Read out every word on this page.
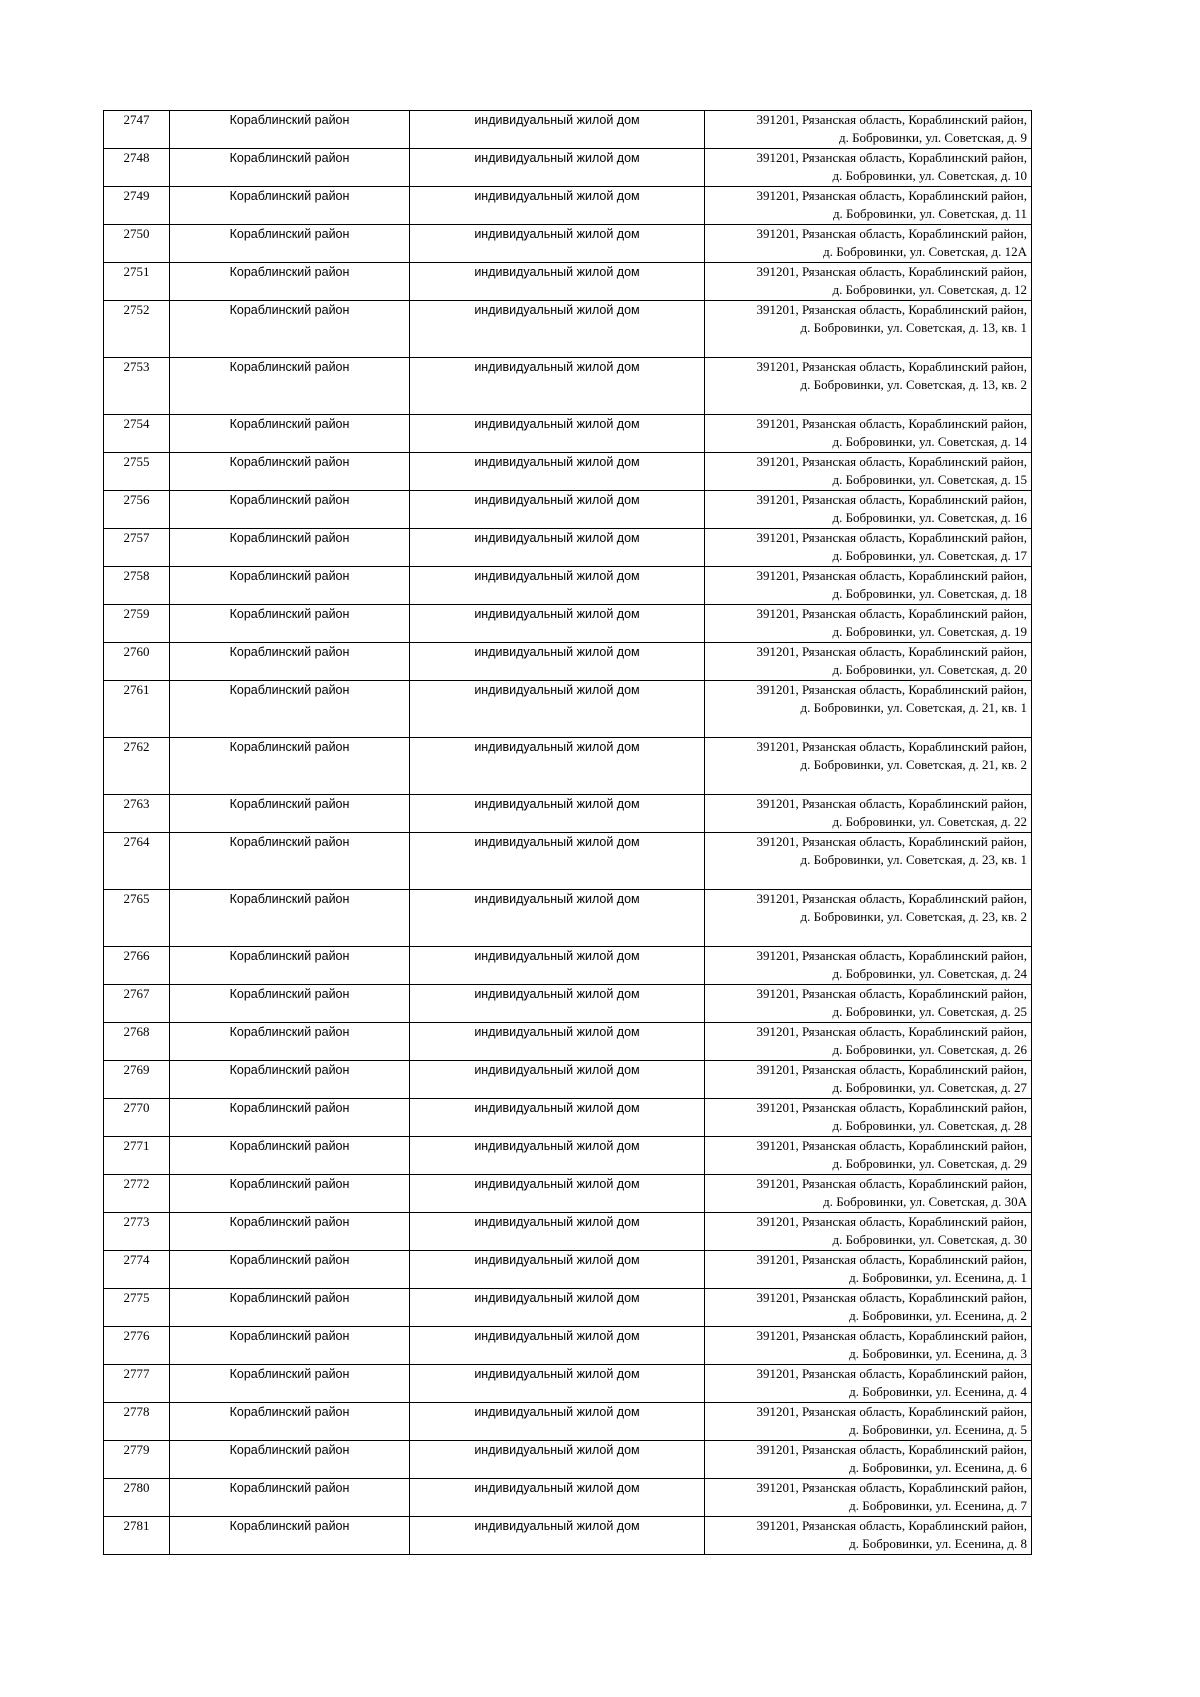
2747	Кораблинский район	индивидуальный жилой дом	391201, Рязанская область, Кораблинский район,
д. Бобровинки, ул. Советская, д. 9

2748	Кораблинский район	индивидуальный жилой дом	391201, Рязанская область, Кораблинский район,
д. Бобровинки, ул. Советская, д. 10

2749	Кораблинский район	индивидуальный жилой дом	391201, Рязанская область, Кораблинский район,
д. Бобровинки, ул. Советская, д. 11

2750	Кораблинский район	индивидуальный жилой дом	391201, Рязанская область, Кораблинский район,
д. Бобровинки, ул. Советская, д. 12А

2751	Кораблинский район	индивидуальный жилой дом	391201, Рязанская область, Кораблинский район,
д. Бобровинки, ул. Советская, д. 12

2752	Кораблинский район	индивидуальный жилой дом	391201, Рязанская область, Кораблинский район,
д. Бобровинки, ул. Советская, д. 13, кв. 1

2753	Кораблинский район	индивидуальный жилой дом	391201, Рязанская область, Кораблинский район,
д. Бобровинки, ул. Советская, д. 13, кв. 2

2754	Кораблинский район	индивидуальный жилой дом	391201, Рязанская область, Кораблинский район,
д. Бобровинки, ул. Советская, д. 14

2755	Кораблинский район	индивидуальный жилой дом	391201, Рязанская область, Кораблинский район,
д. Бобровинки, ул. Советская, д. 15

2756	Кораблинский район	индивидуальный жилой дом	391201, Рязанская область, Кораблинский район,
д. Бобровинки, ул. Советская, д. 16

2757	Кораблинский район	индивидуальный жилой дом	391201, Рязанская область, Кораблинский район,
д. Бобровинки, ул. Советская, д. 17

2758	Кораблинский район	индивидуальный жилой дом	391201, Рязанская область, Кораблинский район,
д. Бобровинки, ул. Советская, д. 18

2759	Кораблинский район	индивидуальный жилой дом	391201, Рязанская область, Кораблинский район,
д. Бобровинки, ул. Советская, д. 19

2760	Кораблинский район	индивидуальный жилой дом	391201, Рязанская область, Кораблинский район,
д. Бобровинки, ул. Советская, д. 20

2761	Кораблинский район	индивидуальный жилой дом	391201, Рязанская область, Кораблинский район,
д. Бобровинки, ул. Советская, д. 21, кв. 1

2762	Кораблинский район	индивидуальный жилой дом	391201, Рязанская область, Кораблинский район,
д. Бобровинки, ул. Советская, д. 21, кв. 2

2763	Кораблинский район	индивидуальный жилой дом	391201, Рязанская область, Кораблинский район,
д. Бобровинки, ул. Советская, д. 22

2764	Кораблинский район	индивидуальный жилой дом	391201, Рязанская область, Кораблинский район,
д. Бобровинки, ул. Советская, д. 23, кв. 1

2765	Кораблинский район	индивидуальный жилой дом	391201, Рязанская область, Кораблинский район,
д. Бобровинки, ул. Советская, д. 23, кв. 2

2766	Кораблинский район	индивидуальный жилой дом	391201, Рязанская область, Кораблинский район,
д. Бобровинки, ул. Советская, д. 24

2767	Кораблинский район	индивидуальный жилой дом	391201, Рязанская область, Кораблинский район,
д. Бобровинки, ул. Советская, д. 25

2768	Кораблинский район	индивидуальный жилой дом	391201, Рязанская область, Кораблинский район,
д. Бобровинки, ул. Советская, д. 26

2769	Кораблинский район	индивидуальный жилой дом	391201, Рязанская область, Кораблинский район,
д. Бобровинки, ул. Советская, д. 27

2770	Кораблинский район	индивидуальный жилой дом	391201, Рязанская область, Кораблинский район,
д. Бобровинки, ул. Советская, д. 28

2771	Кораблинский район	индивидуальный жилой дом	391201, Рязанская область, Кораблинский район,
д. Бобровинки, ул. Советская, д. 29

2772	Кораблинский район	индивидуальный жилой дом	391201, Рязанская область, Кораблинский район,
д. Бобровинки, ул. Советская, д. 30А

2773	Кораблинский район	индивидуальный жилой дом	391201, Рязанская область, Кораблинский район,
д. Бобровинки, ул. Советская, д. 30

2774	Кораблинский район	индивидуальный жилой дом	391201, Рязанская область, Кораблинский район,
д. Бобровинки, ул. Есенина, д. 1

2775	Кораблинский район	индивидуальный жилой дом	391201, Рязанская область, Кораблинский район,
д. Бобровинки, ул. Есенина, д. 2

2776	Кораблинский район	индивидуальный жилой дом	391201, Рязанская область, Кораблинский район,
д. Бобровинки, ул. Есенина, д. 3

2777	Кораблинский район	индивидуальный жилой дом	391201, Рязанская область, Кораблинский район,
д. Бобровинки, ул. Есенина, д. 4

2778	Кораблинский район	индивидуальный жилой дом	391201, Рязанская область, Кораблинский район,
д. Бобровинки, ул. Есенина, д. 5

2779	Кораблинский район	индивидуальный жилой дом	391201, Рязанская область, Кораблинский район,
д. Бобровинки, ул. Есенина, д. 6

2780	Кораблинский район	индивидуальный жилой дом	391201, Рязанская область, Кораблинский район,
д. Бобровинки, ул. Есенина, д. 7

2781	Кораблинский район	индивидуальный жилой дом	391201, Рязанская область, Кораблинский район,
д. Бобровинки, ул. Есенина, д. 8
